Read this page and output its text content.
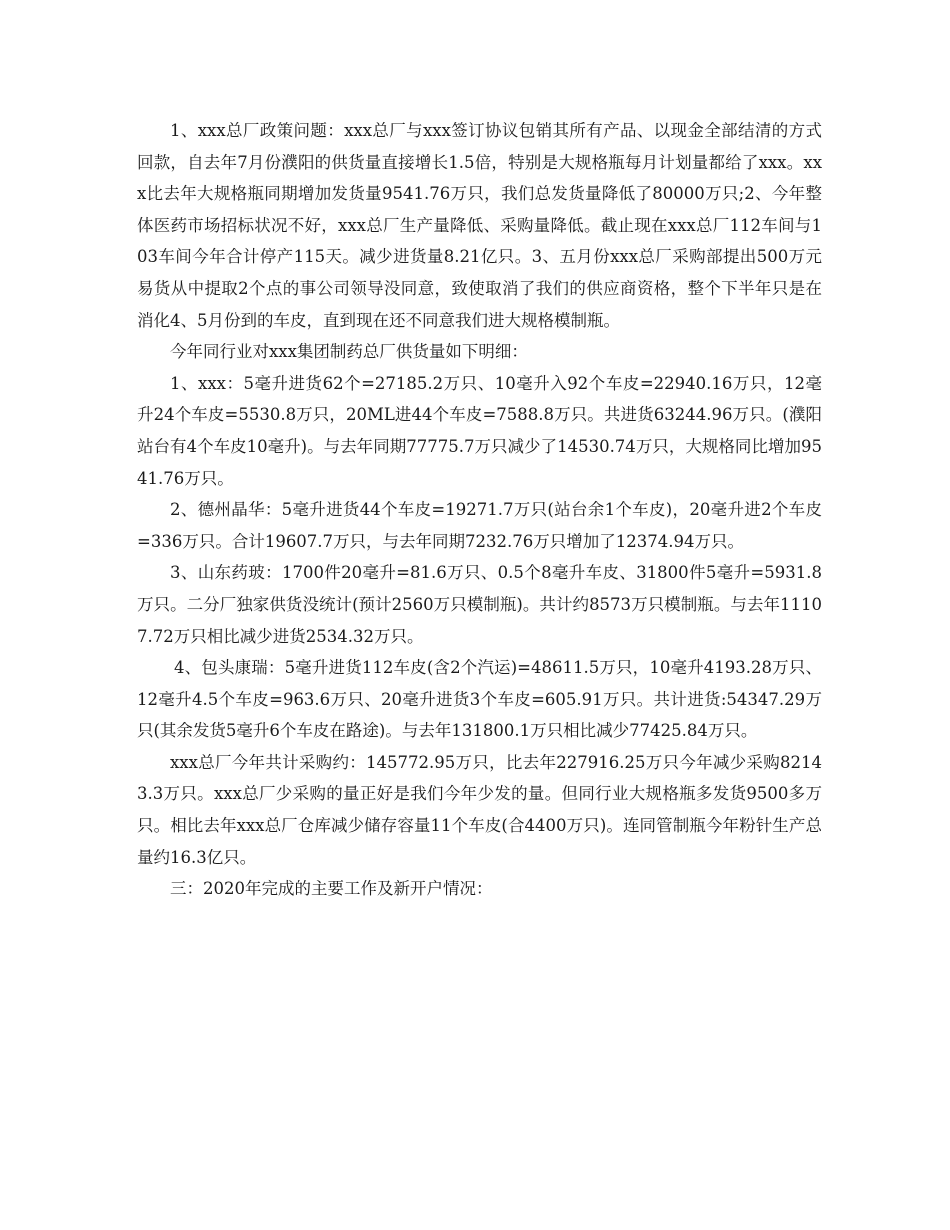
1、xxx总厂政策问题：xxx总厂与xxx签订协议包销其所有产品、以现金全部结清的方式回款，自去年7月份濮阳的供货量直接增长1.5倍，特别是大规格瓶每月计划量都给了xxx。xxx比去年大规格瓶同期增加发货量9541.76万只，我们总发货量降低了80000万只;2、今年整体医药市场招标状况不好，xxx总厂生产量降低、采购量降低。截止现在xxx总厂112车间与103车间今年合计停产115天。减少进货量8.21亿只。3、五月份xxx总厂采购部提出500万元易货从中提取2个点的事公司领导没同意，致使取消了我们的供应商资格，整个下半年只是在消化4、5月份到的车皮，直到现在还不同意我们进大规格模制瓶。

今年同行业对xxx集团制药总厂供货量如下明细：

1、xxx：5毫升进货62个=27185.2万只、10毫升入92个车皮=22940.16万只，12毫升24个车皮=5530.8万只，20ML进44个车皮=7588.8万只。共进货63244.96万只。(濮阳站台有4个车皮10毫升)。与去年同期77775.7万只减少了14530.74万只，大规格同比增加9541.76万只。

2、德州晶华：5毫升进货44个车皮=19271.7万只(站台余1个车皮)，20毫升进2个车皮=336万只。合计19607.7万只，与去年同期7232.76万只增加了12374.94万只。

3、山东药玻：1700件20毫升=81.6万只、0.5个8毫升车皮、31800件5毫升=5931.8万只。二分厂独家供货没统计(预计2560万只模制瓶)。共计约8573万只模制瓶。与去年11107.72万只相比减少进货2534.32万只。

4、包头康瑞：5毫升进货112车皮(含2个汽运)=48611.5万只，10毫升4193.28万只、12毫升4.5个车皮=963.6万只、20毫升进货3个车皮=605.91万只。共计进货:54347.29万只(其余发货5毫升6个车皮在路途)。与去年131800.1万只相比减少77425.84万只。

xxx总厂今年共计采购约：145772.95万只，比去年227916.25万只今年减少采购82143.3万只。xxx总厂少采购的量正好是我们今年少发的量。但同行业大规格瓶多发货9500多万只。相比去年xxx总厂仓库减少储存容量11个车皮(合4400万只)。连同管制瓶今年粉针生产总量约16.3亿只。

三：2020年完成的主要工作及新开户情况：
